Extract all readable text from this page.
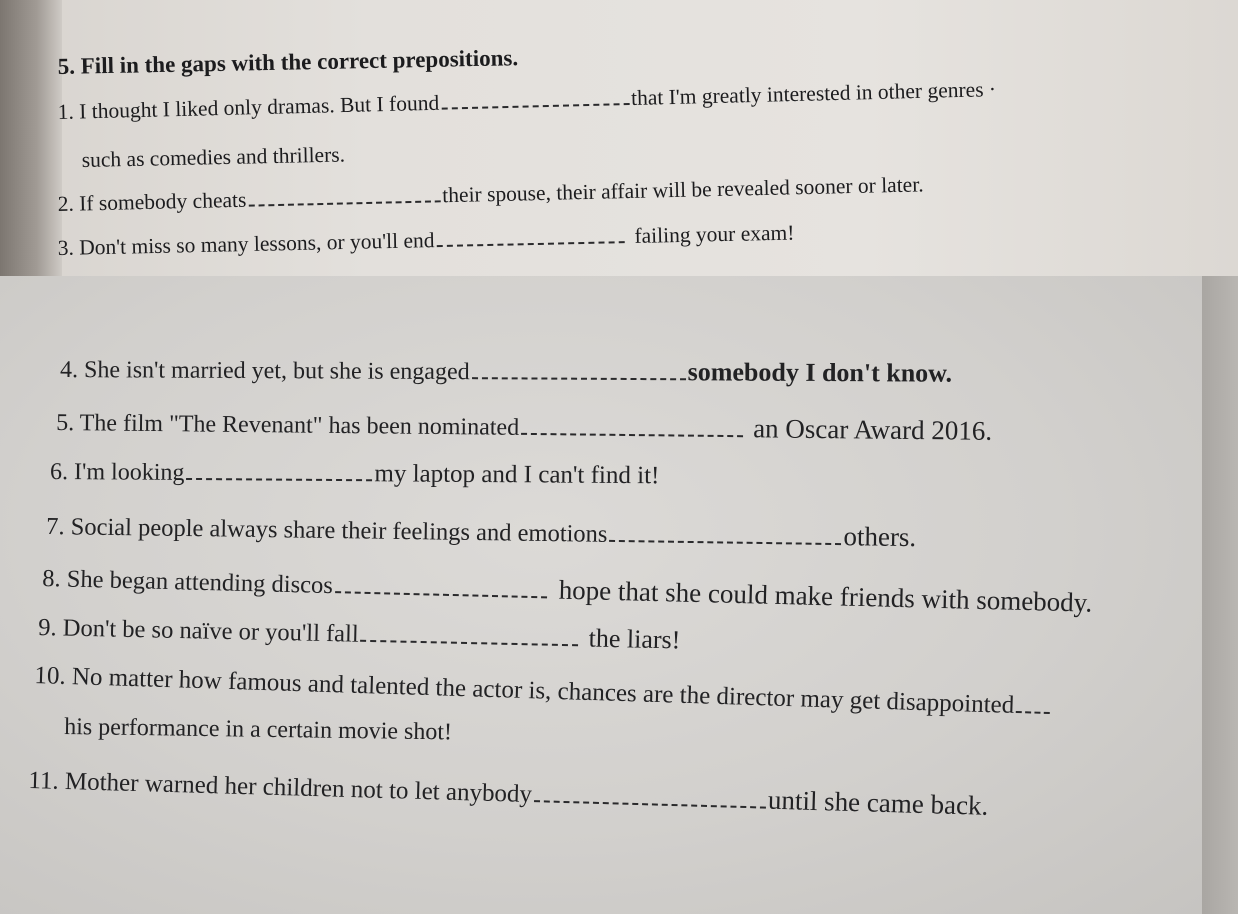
5. Fill in the gaps with the correct prepositions.
1. I thought I liked only dramas. But I found	that I'm greatly interested in other genres ·
such as comedies and thrillers.
2. If somebody cheats	their spouse, their affair will be revealed sooner or later.
3. Don't miss so many lessons, or you'll end	failing your exam!
4. She isn't married yet, but she is engaged	somebody I don't know.
5. The film "The Revenant" has been nominated	an Oscar Award 2016.
6. I'm looking	my laptop and I can't find it!
7. Social people always share their feelings and emotions	others.
8. She began attending discos	hope that she could make friends with somebody.
9. Don't be so naïve or you'll fall	the liars!
10. No matter how famous and talented the actor is, chances are the director may get disappointed
his performance in a certain movie shot!
11. Mother warned her children not to let anybody	until she came back.
